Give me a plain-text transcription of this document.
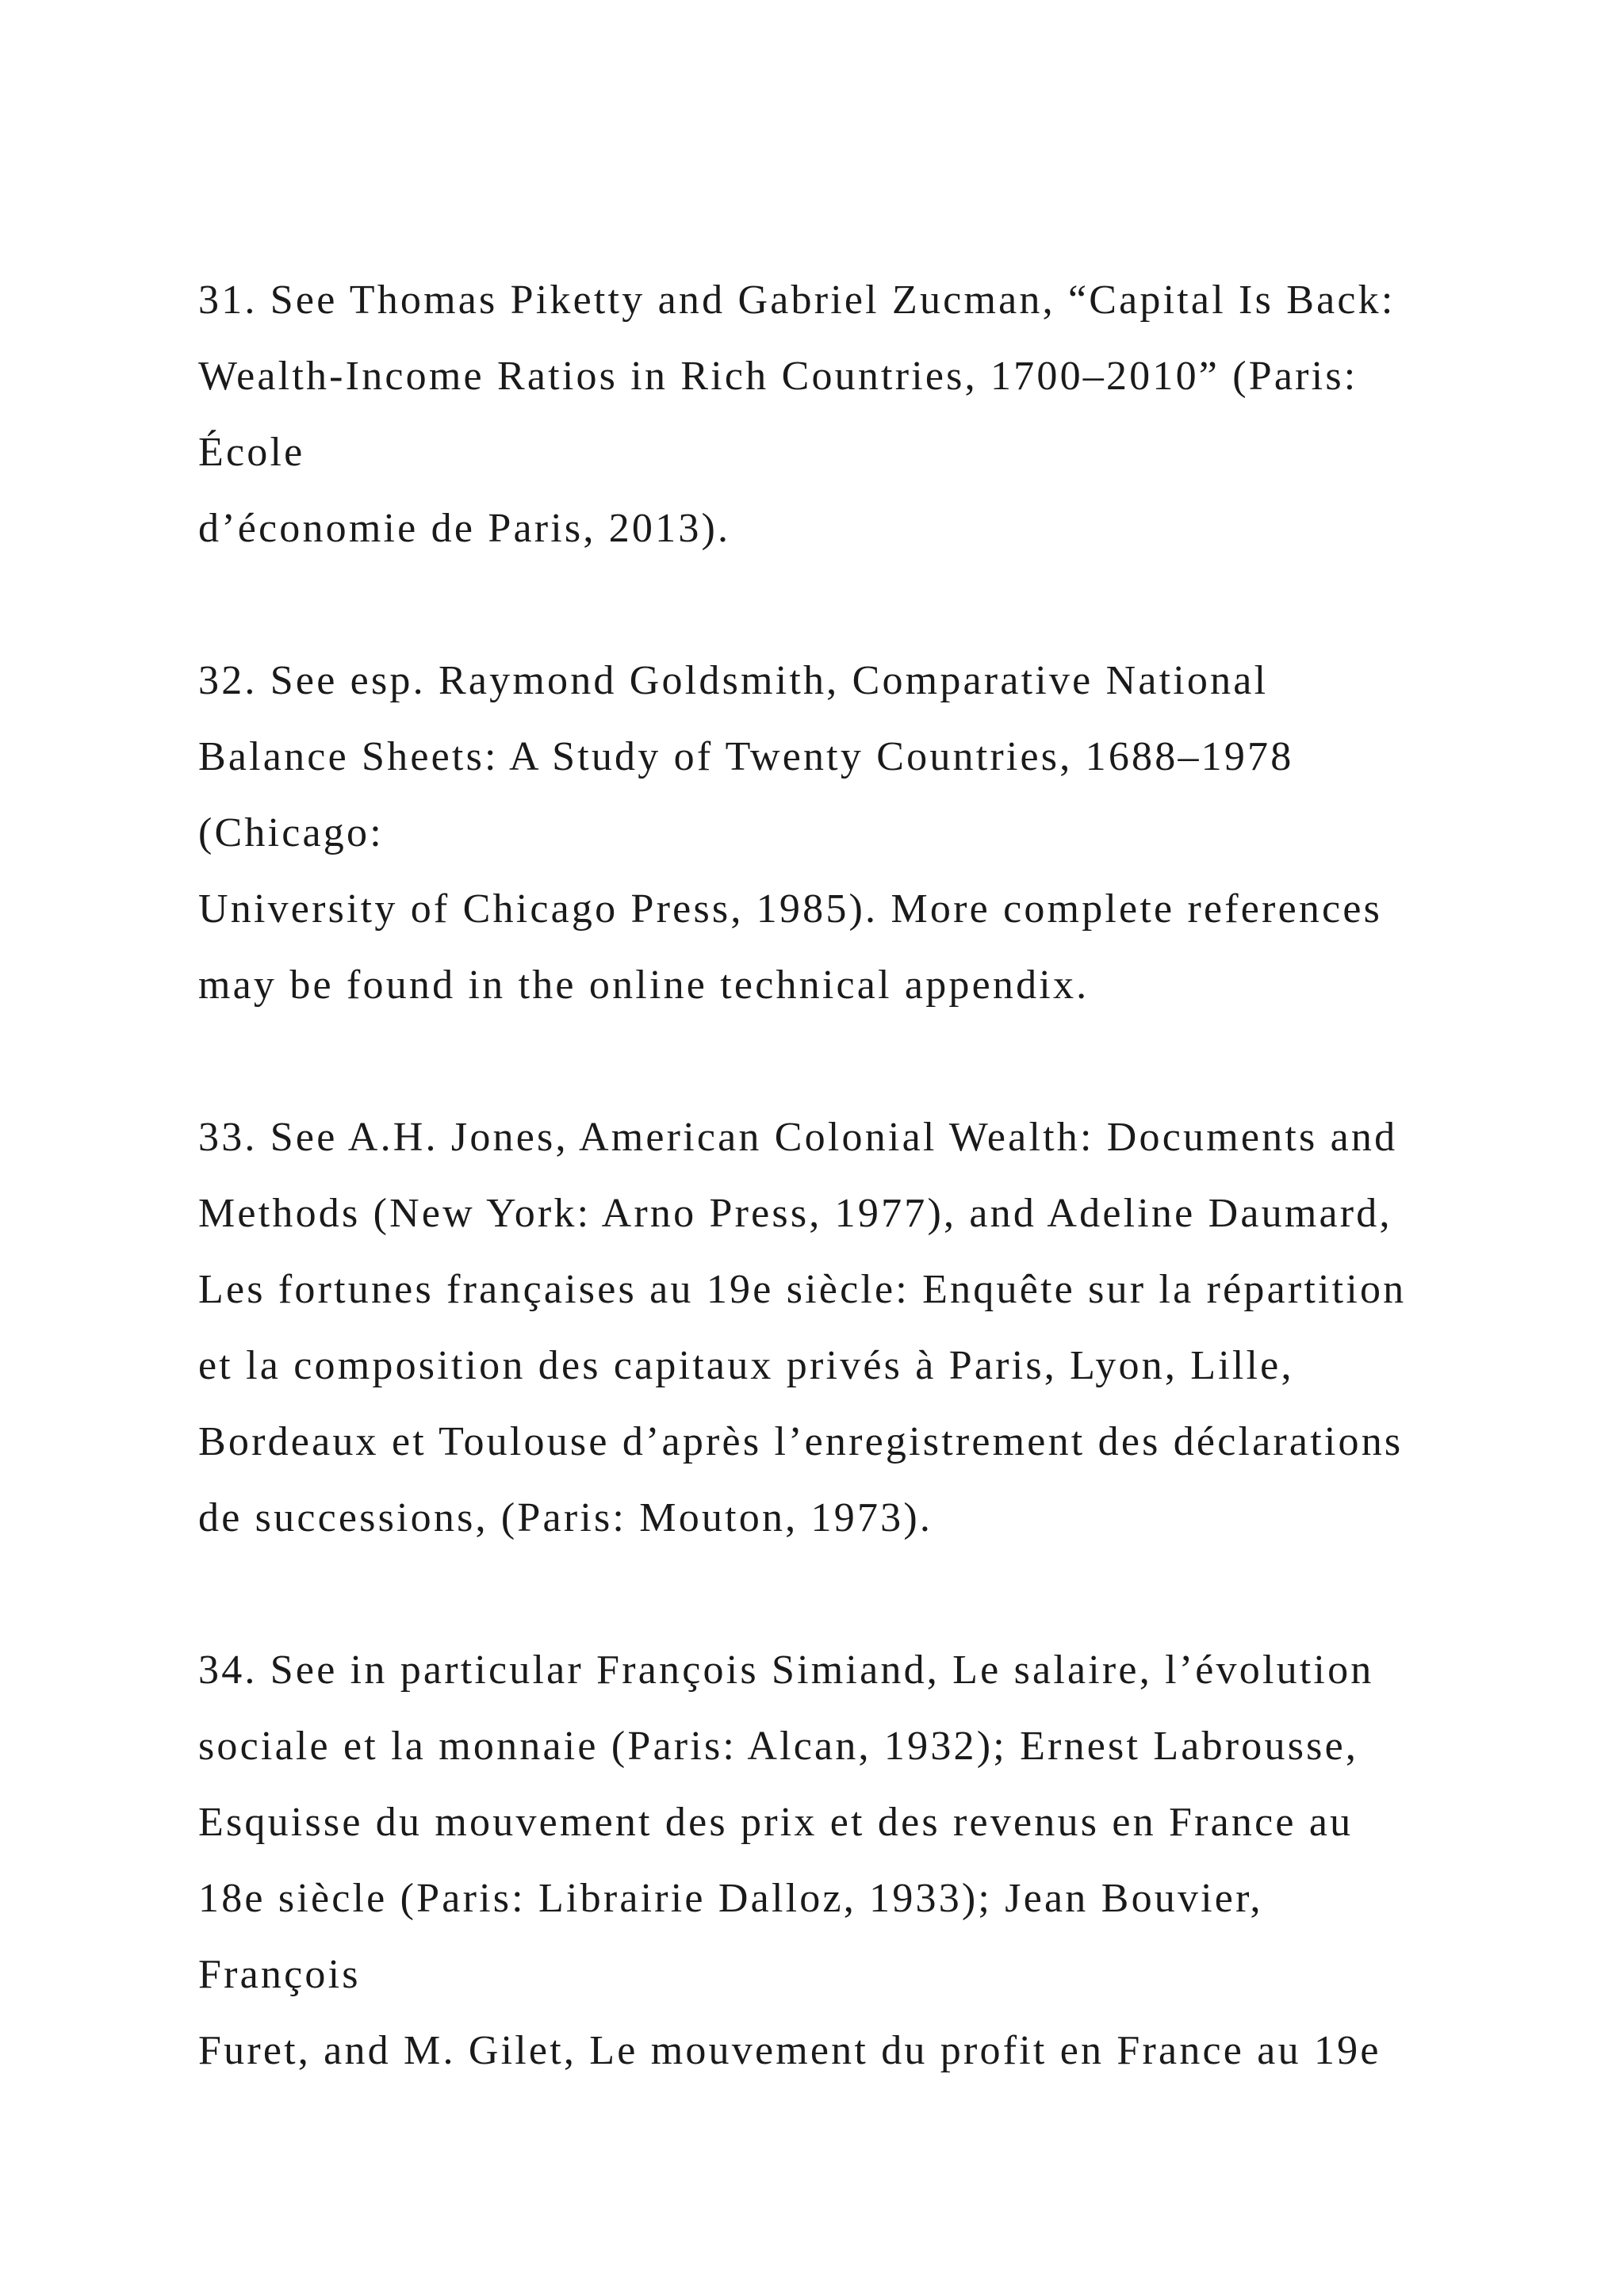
31. See Thomas Piketty and Gabriel Zucman, “Capital Is Back:
Wealth-Income Ratios in Rich Countries, 1700–2010” (Paris:
École
d’économie de Paris, 2013).
32. See esp. Raymond Goldsmith, Comparative National
Balance Sheets: A Study of Twenty Countries, 1688–1978
(Chicago:
University of Chicago Press, 1985). More complete references
may be found in the online technical appendix.
33. See A.H. Jones, American Colonial Wealth: Documents and
Methods (New York: Arno Press, 1977), and Adeline Daumard,
Les fortunes françaises au 19e siècle: Enquête sur la répartition
et la composition des capitaux privés à Paris, Lyon, Lille,
Bordeaux et Toulouse d’après l’enregistrement des déclarations
de successions, (Paris: Mouton, 1973).
34. See in particular François Simiand, Le salaire, l’évolution
sociale et la monnaie (Paris: Alcan, 1932); Ernest Labrousse,
Esquisse du mouvement des prix et des revenus en France au
18e siècle (Paris: Librairie Dalloz, 1933); Jean Bouvier,
François
Furet, and M. Gilet, Le mouvement du profit en France au 19e
